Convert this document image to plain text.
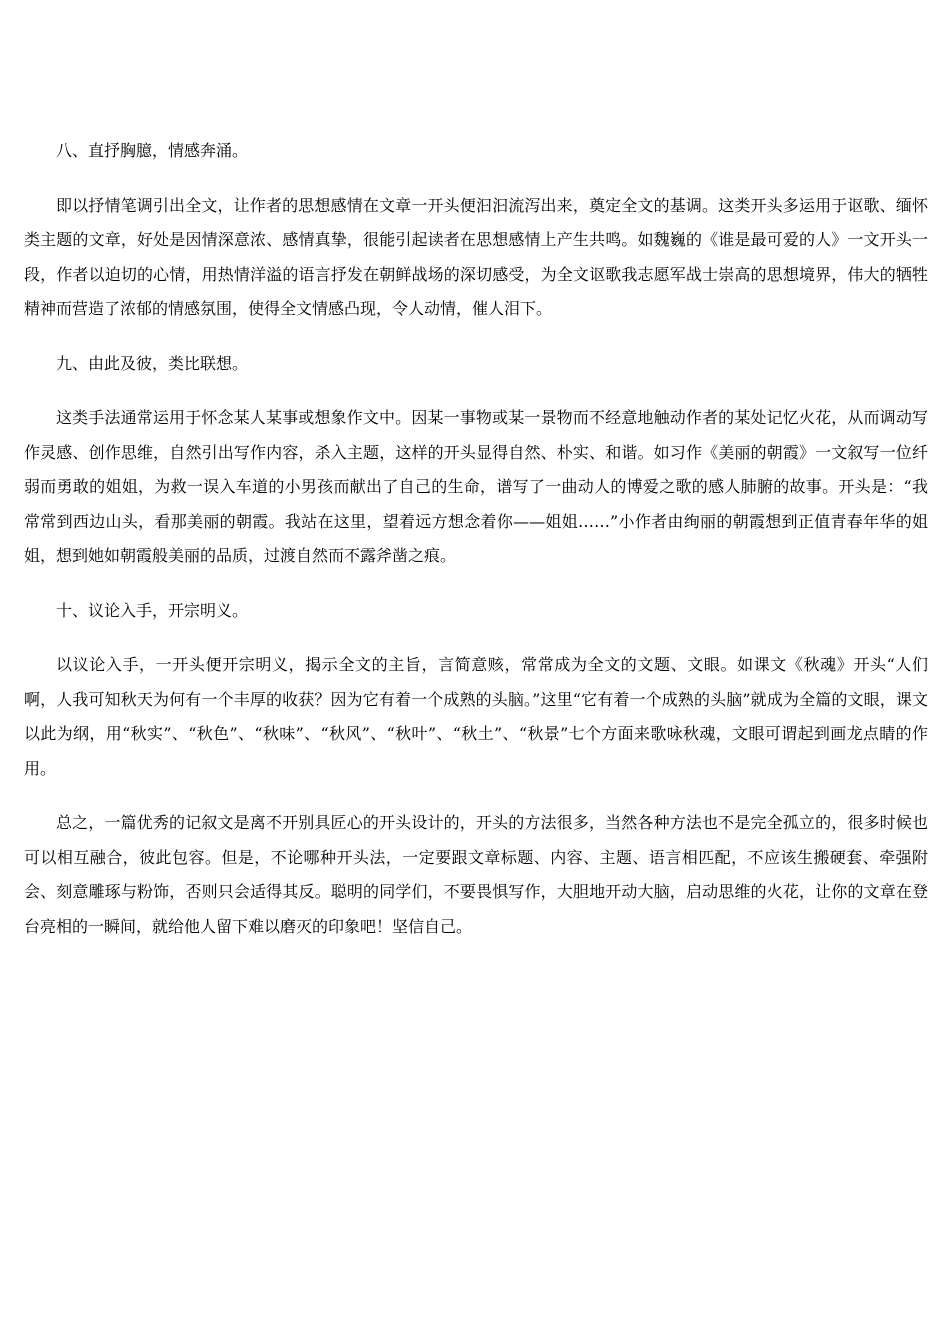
八、直抒胸臆，情感奔涌。

即以抒情笔调引出全文，让作者的思想感情在文章一开头便汩汩流泻出来，奠定全文的基调。这类开头多运用于讴歌、缅怀类主题的文章，好处是因情深意浓、感情真挚，很能引起读者在思想感情上产生共鸣。如魏巍的《谁是最可爱的人》一文开头一段，作者以迫切的心情，用热情洋溢的语言抒发在朝鲜战场的深切感受，为全文讴歌我志愿军战士崇高的思想境界，伟大的牺牲精神而营造了浓郁的情感氛围，使得全文情感凸现，令人动情，催人泪下。

九、由此及彼，类比联想。

这类手法通常运用于怀念某人某事或想象作文中。因某一事物或某一景物而不经意地触动作者的某处记忆火花，从而调动写作灵感、创作思维，自然引出写作内容，杀入主题，这样的开头显得自然、朴实、和谐。如习作《美丽的朝霞》一文叙写一位纤弱而勇敢的姐姐，为救一误入车道的小男孩而献出了自己的生命，谱写了一曲动人的博爱之歌的感人肺腑的故事。开头是：“我常常到西边山头，看那美丽的朝霞。我站在这里，望着远方想念着你——姐姐……”小作者由绚丽的朝霞想到正值青春年华的姐姐，想到她如朝霞般美丽的品质，过渡自然而不露斧凿之痕。

十、议论入手，开宗明义。

以议论入手，一开头便开宗明义，揭示全文的主旨，言简意赅，常常成为全文的文题、文眼。如课文《秋魂》开头“人们啊，人我可知秋天为何有一个丰厚的收获？因为它有着一个成熟的头脑。”这里“它有着一个成熟的头脑”就成为全篇的文眼，课文以此为纲，用“秋实”、“秋色”、“秋味”、“秋风”、“秋叶”、“秋土”、“秋景”七个方面来歌咏秋魂，文眼可谓起到画龙点睛的作用。

总之，一篇优秀的记叙文是离不开别具匠心的开头设计的，开头的方法很多，当然各种方法也不是完全孤立的，很多时候也可以相互融合，彼此包容。但是，不论哪种开头法，一定要跟文章标题、内容、主题、语言相匹配，不应该生搬硬套、牵强附会、刻意雕琢与粉饰，否则只会适得其反。聪明的同学们，不要畏惧写作，大胆地开动大脑，启动思维的火花，让你的文章在登台亮相的一瞬间，就给他人留下难以磨灭的印象吧！坚信自己。
